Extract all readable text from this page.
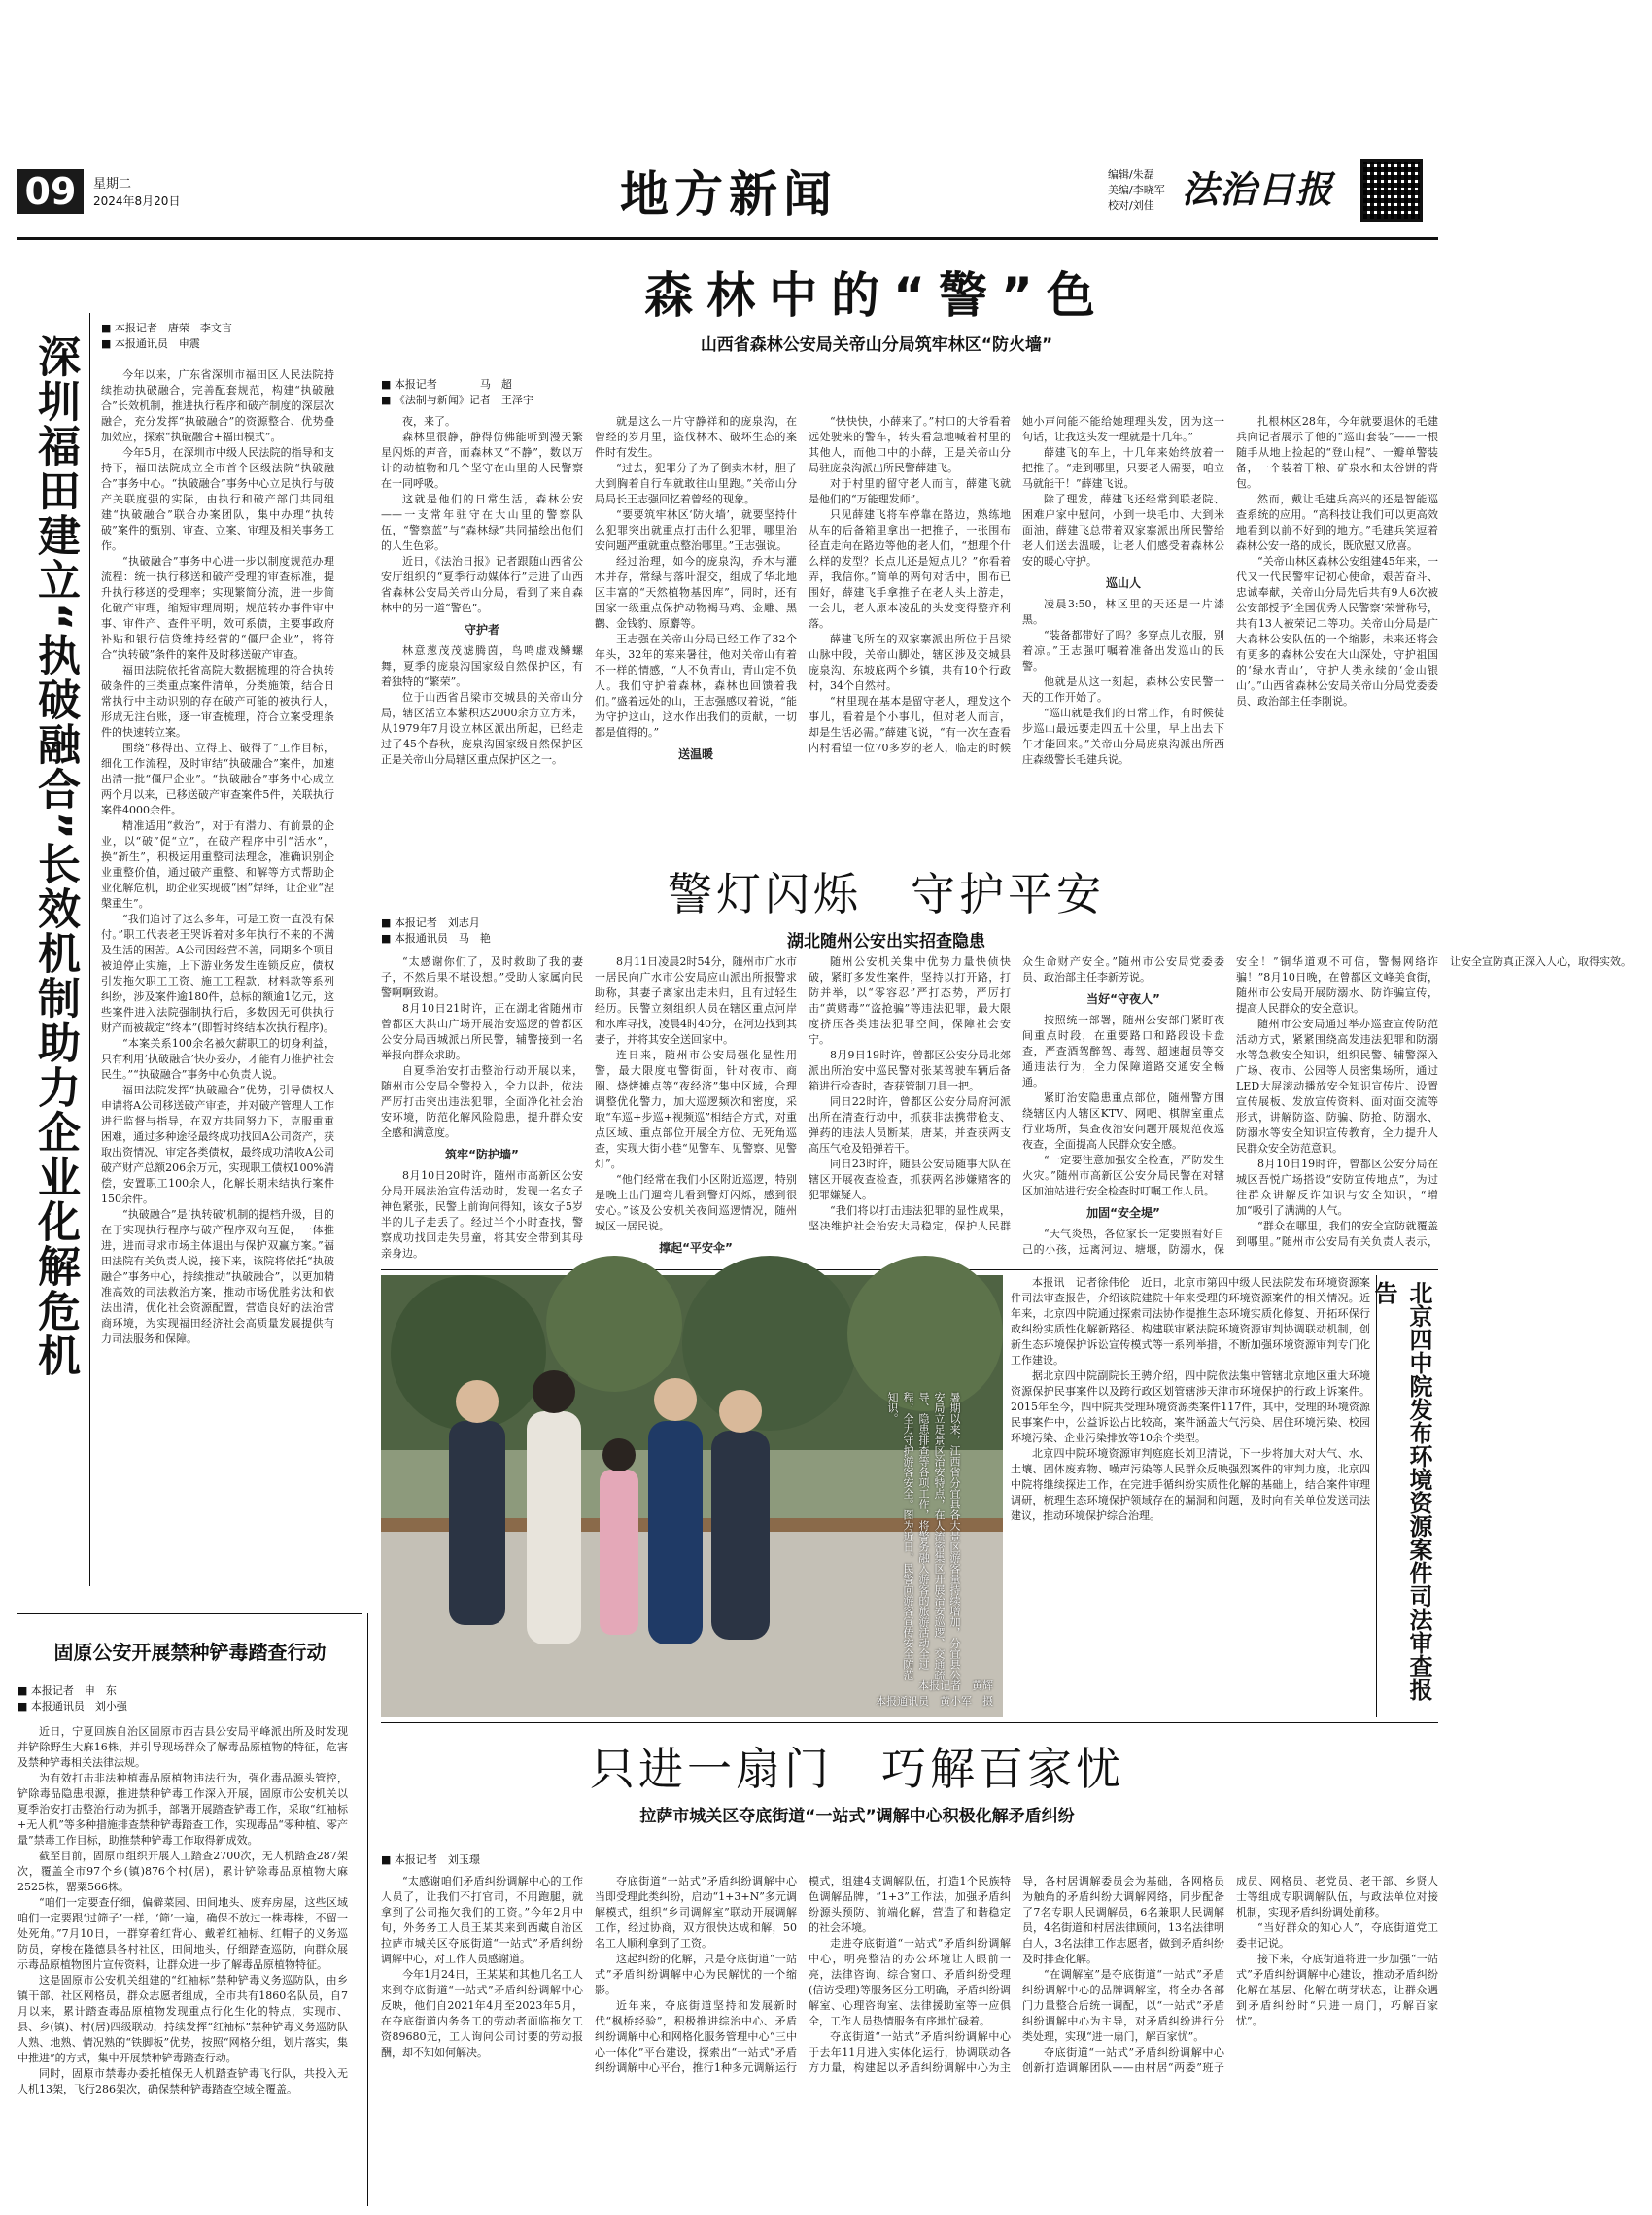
09	星期二
2024年8月20日	地方新闻	编辑/朱磊
美编/李晓军
校对/刘佳 法治日报
深圳福田建立“执破融合”长效机制助力企业化解危机
■ 本报记者　唐荣　李文言
■ 本报通讯员　申震

今年以来，广东省深圳市福田区人民法院持续推动执破融合，完善配套规范，构建“执破融合”长效机制，推进执行程序和破产制度的深层次融合，充分发挥“执破融合”的资源整合、优势叠加效应，探索“执破融合+福田模式”。

今年5月，在深圳市中级人民法院的指导和支持下，福田法院成立全市首个区级法院“执破融合”事务中心。“执破融合”事务中心立足执行与破产关联度强的实际，由执行和破产部门共同组建“执破融合”联合办案团队，集中办理“执转破”案件的甄别、审查、立案、审理及相关事务工作。

“执破融合”事务中心进一步以制度规范办理流程：统一执行移送和破产受理的审查标准，提升执行移送的受理率；实现繁简分流，进一步简化破产审理，缩短审理周期；规范转办事件审中事、审件产、查件平明，效可系债，主要事政府补贴和银行信贷维持经营的“僵尸企业”，将符合“执转破”条件的案件及时移送破产审查。

福田法院依托省高院大数据梳理的符合执转破条件的三类重点案件清单，分类施策，结合日常执行中主动识别的存在破产可能的被执行人，形成无注台账，逐一审查梳理，符合立案受理条件的快速转立案。

围绕“移得出、立得上、破得了”工作目标，细化工作流程，及时审结“执破融合”案件，加速出清一批“僵尸企业”。“执破融合”事务中心成立两个月以来，已移送破产审查案件5件，关联执行案件4000余件。

精准适用“救治”，对于有潜力、有前景的企业，以“破”促“立”，在破产程序中引“活水”，换“新生”，积极运用重整司法理念，准确识别企业重整价值，通过破产重整、和解等方式帮助企业化解危机，助企业实现破“困”焊绎，让企业“涅槃重生”。

“我们追讨了这么多年，可是工资一直没有保付。”职工代表老王哭诉着对多年执行不来的不满及生活的困苦。A公司因经营不善，同期多个项目被迫停止实施，上下游业务发生连锁反应，债权引发拖欠职工工资、施工工程款，材料款等系列纠纷，涉及案件逾180件，总标的额逾1亿元，这些案件进入法院强制执行后，多数因无可供执行财产而被裁定“终本”(即暂时终结本次执行程序)。

“本案关系100余名被欠薪职工的切身利益，只有利用‘执破融合’快办妥办，才能有力推护社会民生。”“执破融合”事务中心负责人说。

福田法院发挥“执破融合”优势，引导债权人申请将A公司移送破产审查，并对破产管理人工作进行监督与指导，在双方共同努力下，克服重重困难，通过多种途径最终成功找回A公司资产，获取出资情况、审定各类债权，最终成功清收A公司破产财产总额206余万元，实现职工债权100%清偿，安置职工100余人，化解长期未结执行案件150余件。

“执破融合”是‘执转破’机制的提档升级，目的在于实现执行程序与破产程序双向互促，一体推进，进而寻求市场主体退出与保护双赢方案。”福田法院有关负责人说，接下来，该院将依托“执破融合”事务中心，持续推动“执破融合”，以更加精准高效的司法救治方案，推动市场优胜劣汰和依法出清，优化社会资源配置，营造良好的法治营商环境，为实现福田经济社会高质量发展提供有力司法服务和保障。

森林中的“警”色
山西省森林公安局关帝山分局筑牢林区“防火墙”
■ 本报记者　　　　马　超
■ 《法制与新闻》记者　王泽宇

夜，来了。

森林里很静，静得仿佛能听到漫天繁星闪烁的声音，而森林又“不静”，数以万计的动植物和几个坚守在山里的人民警察在一同呼吸。

这就是他们的日常生活，森林公安——一支常年驻守在大山里的警察队伍，“警察蓝”与“森林绿”共同描绘出他们的人生色彩。

近日，《法治日报》记者跟随山西省公安厅组织的“夏季行动媒体行”走进了山西省森林公安局关帝山分局，看到了来自森林中的另一道“警色”。

守护者

林意葱茂茂滤腾茵，鸟鸣虚戏鳞螺舞，夏季的庞泉沟国家级自然保护区，有着独特的“繁荣”。

位于山西省吕梁市交城县的关帝山分局，辖区活立本紫积达2000余方立方米，从1979年7月设立林区派出所起，已经走过了45个春秋，庞泉沟国家级自然保护区正是关帝山分局辖区重点保护区之一。

就是这么一片守静祥和的庞泉沟，在曾经的岁月里，盗伐林木、破坏生态的案件时有发生。

“过去，犯罪分子为了倒卖木材，胆子大到胸着自行车就敢往山里跑。”关帝山分局局长王志强回忆着曾经的现象。

“要要筑牢林区‘防火墙’，就要坚持什么犯罪突出就重点打击什么犯罪，哪里治安问题严重就重点整治哪里。”王志强说。

经过治理，如今的庞泉沟，乔木与灌木并存，常绿与落叶混交，组成了华北地区丰富的“天然植物基因库”，同时，还有国家一级重点保护动物褐马鸡、金雕、黑鹳、金钱豹、原麝等。

王志强在关帝山分局已经工作了32个年头，32年的寒来暑往，他对关帝山有着不一样的情感，“人不负青山，青山定不负人。我们守护着森林，森林也回馈着我们。”盛着远处的山，王志强感叹着说，“能为守护这山，这水作出我们的贡献，一切都是值得的。”

送温暖

“快快快，小薛来了。”村口的大爷看着远处驶来的警车，转头看急地喊着村里的其他人，而他口中的小薛，正是关帝山分局驻庞泉沟派出所民警薛建飞。

对于村里的留守老人而言，薛建飞就是他们的“万能理发师”。

只见薛建飞将车停靠在路边，熟练地从车的后备箱里拿出一把推子，一张围布径直走向在路边等他的老人们，“想理个什么样的发型？长点儿还是短点儿？”你看着弄，我信你。”简单的两句对话中，围布已围好，薛建飞手拿推子在老人头上游走，一会儿，老人原本凌乱的头发变得整齐利落。

薛建飞所在的双家寨派出所位于吕梁山脉中段，关帝山脚处，辖区涉及交城县庞泉沟、东坡底两个乡镇，共有10个行政村，34个自然村。

“村里现在基本是留守老人，理发这个事儿，看着是个小事儿，但对老人而言，却是生活必需。”薛建飞说，“有一次在查看内村看望一位70多岁的老人，临走的时候她小声问能不能给她理理头发，因为这一句话，让我这头发一理就是十几年。”

薛建飞的车上，十几年来始终放着一把推子。“走到哪里，只要老人需要，咱立马就能干！”薛建飞说。

除了理发，薛建飞还经常到联老院、困难户家中慰问，小到一块毛巾、大到米面油，薛建飞总带着双家寨派出所民警给老人们送去温暖，让老人们感受着森林公安的暖心守护。

巡山人

凌晨3:50，林区里的天还是一片漆黑。

“装备都带好了吗？多穿点儿衣服，别着凉。”王志强叮嘱着准备出发巡山的民警。

他就是从这一刻起，森林公安民警一天的工作开始了。

“巡山就是我们的日常工作，有时候徒步巡山最远要走四五十公里，早上出去下午才能回来。”关帝山分局庞泉沟派出所西庄森级警长毛建兵说。

扎根林区28年，今年就要退休的毛建兵向记者展示了他的“巡山套装”——一根随手从地上捡起的“登山棍”、一瓣单警装备，一个装着干粮、矿泉水和太谷饼的背包。

然而，戴让毛建兵高兴的还是智能巡查系统的应用。“高科技让我们可以更高效地看到以前不好到的地方。”毛建兵笑逗着森林公安一路的成长，既欣慰又欣喜。

“关帝山林区森林公安组建45年来，一代又一代民警牢记初心使命，艰苦奋斗、忠诚奉献，关帝山分局先后共有9人6次被公安部授予‘全国优秀人民警察’荣誉称号，共有13人被荣记二等功。关帝山分局是广大森林公安队伍的一个缩影，未来还将会有更多的森林公安在大山深处，守护祖国的‘绿水青山’，守护人类永续的‘金山银山’。”山西省森林公安局关帝山分局党委委员、政治部主任李刚说。

警灯闪烁　守护平安
湖北随州公安出实招查隐患
■ 本报记者　刘志月
■ 本报通讯员　马　艳

“太感谢你们了，及时救助了我的妻子，不然后果不堪设想。”受助人家属向民警啊啊致谢。

8月10日21时许，正在湖北省随州市曾都区大洪山广场开展治安巡逻的曾都区公安分局西城派出所民警，辅警接到一名举报向群众求助。

自夏季治安打击整治行动开展以来，随州市公安局全警投入，全力以赴，依法严厉打击突出违法犯罪，全面净化社会治安环境，防范化解风险隐患，提升群众安全感和满意度。

筑牢“防护墙”

8月10日20时许，随州市高新区公安分局开展法治宣传活动时，发现一名女子神色紧张，民警上前询问得知，该女子5岁半的儿子走丢了。经过半个小时查找，警察成功找回走失男童，将其安全带到其母亲身边。

8月11日凌晨2时54分，随州市广水市一居民向广水市公安局应山派出所报警求助称，其妻子离家出走未归，且有过轻生经历。民警立刻组织人员在辖区重点河岸和水库寻找，凌晨4时40分，在河边找到其妻子，并将其安全送回家中。

连日来，随州市公安局强化显性用警，最大限度屯警街面，针对夜市、商圈、烧烤摊点等“夜经济”集中区域，合理调整优化警力，加大巡逻频次和密度，采取“车巡+步巡+视频巡”相结合方式，对重点区域、重点部位开展全方位、无死角巡查，实现大街小巷“见警车、见警察、见警灯”。

“他们经常在我们小区附近巡逻，特别是晚上出门遛弯儿看到警灯闪烁，感到很安心。”该及公安机关夜间巡逻情况，随州城区一居民说。

撑起“平安伞”

随州公安机关集中优势力量快侦快破，紧盯多发性案件，坚持以打开路，打防并举，以“零容忍”严打态势，严厉打击“黄赌毒”“盗抢骗”等违法犯罪，最大限度挤压各类违法犯罪空间，保障社会安宁。

8月9日19时许，曾都区公安分局北郊派出所治安中巡民警对张某驾驶车辆后备箱进行检查时，查获管制刀具一把。

同日22时许，曾都区公安分局府河派出所在清查行动中，抓获非法携带枪支、弹药的违法人员断某，唐某，并查获两支高压气枪及铅弹若干。

同日23时许，随县公安局随事大队在辖区开展夜查检查，抓获两名涉嫌赌客的犯罪嫌疑人。

“我们将以打击违法犯罪的显性成果，坚决维护社会治安大局稳定，保护人民群众生命财产安全。”随州市公安局党委委员、政治部主任李新芳说。

当好“守夜人”

按照统一部署，随州公安部门紧盯夜间重点时段，在重要路口和路段设卡盘查，严查酒驾醉驾、毒驾、超速超员等交通违法行为，全力保障道路交通安全畅通。

紧盯治安隐患重点部位，随州警方围绕辖区内人辖区KTV、网吧、棋牌室重点行业场所，集查夜治安问题开展规范夜巡夜查，全面提高人民群众安全感。

“一定要注意加强安全检查，严防发生火灾。”随州市高新区公安分局民警在对辖区加油站进行安全检查时叮嘱工作人员。

加固“安全堤”

“天气炎热，各位家长一定要照看好自己的小孩，远离河边、塘堰，防溺水，保安全！”铜华道观不可信，警惕网络诈骗！”8月10日晚，在曾都区文峰美食街，随州市公安局开展防溺水、防诈骗宣传，提高人民群众的安全意识。

随州市公安局通过举办巡查宣传防范活动方式，紧紧围绕高发违法犯罪和防溺水等急救安全知识，组织民警、辅警深入广场、夜市、公园等人员密集场所，通过LED大屏滚动播放安全知识宣传片、设置宣传展板、发放宣传资料、面对面交流等形式，讲解防盗、防骗、防抢、防溺水、防溺水等安全知识宣传教育，全力提升人民群众安全防范意识。

8月10日19时许，曾都区公安分局在城区吾悦广场搭设“安防宣传地点”，为过往群众讲解反诈知识与安全知识，“增加“吸引了满满的人气。

“群众在哪里，我们的安全宣防就覆盖到哪里。”随州市公安局有关负责人表示，让安全宣防真正深入人心，取得实效。

暑期以来，江西省分宜县各大景区游客量持续增加，分宜县公安局立足景区治安特点，在人流密集区开展治安巡逻、交通疏导、隐患排查等各项工作，将警务融入游客的旅游活动全过程，全力守护游客安全。图为近日，民警向游客宣传安全防范知识。
本报记者　黄辉
本报通讯员　黄小军　摄

本报讯　记者徐伟伦　近日，北京市第四中级人民法院发布环境资源案件司法审查报告，介绍该院建院十年来受理的环境资源案件的相关情况。近年来，北京四中院通过探索司法协作提推生态环境实质化修复、开拓环保行政纠纷实质性化解新路径、构建联审紧法院环境资源审判协调联动机制，创新生态环境保护诉讼宣传模式等一系列举措，不断加强环境资源审判专门化工作建设。

据北京四中院副院长王骋介绍，四中院依法集中管辖北京地区重大环境资源保护民事案件以及跨行政区划管辖涉天津市环境保护的行政上诉案件。2015年至今，四中院共受理环境资源类案件117件，其中，受理的环境资源民事案件中，公益诉讼占比较高，案件涵盖大气污染、居住环境污染、校园环境污染、企业污染排放等10余个类型。

北京四中院环境资源审判庭庭长刘卫清说，下一步将加大对大气、水、土壤、固体废弃物、噪声污染等人民群众反映强烈案件的审判力度，北京四中院将继续探进工作，在完进手循纠纷实质性化解的基础上，结合案件审理调研，梳理生态环境保护领域存在的漏洞和问题，及时向有关单位发送司法建议，推动环境保护综合治理。	北京四中院发布环境资源案件司法审查报告
固原公安开展禁种铲毒踏查行动
■ 本报记者　申　东
■ 本报通讯员　刘小强

近日，宁夏回族自治区固原市西吉县公安局平峰派出所及时发现并铲除野生大麻16株，并引导现场群众了解毒品原植物的特征，危害及禁种铲毒相关法律法规。

为有效打击非法种植毒品原植物违法行为，强化毒品源头管控，铲除毒品隐患根源，推进禁种铲毒工作深入开展，固原市公安机关以夏季治安打击整治行动为抓手，部署开展踏查铲毒工作，采取“红袖标+无人机”等多种措施排查禁种铲毒踏查工作，实现毒品“零种植、零产量”禁毒工作目标，助推禁种铲毒工作取得新成效。

截至目前，固原市组织开展人工踏查2700次，无人机踏查287架次，覆盖全市97个乡(镇)876个村(居)，累计铲除毒品原植物大麻2525株，罂粟566株。

“咱们一定要查仔细，偏僻菜园、田间地头、废弃房屋，这些区域咱们一定要跟‘过筛子’一样，‘筛’一遍，确保不放过一株毒株，不留一处死角。”7月10日，一群穿着红背心、戴着红袖标、红帽子的义务巡防员，穿梭在隆德县各村社区，田间地头，仔细踏查巡防，向群众展示毒品原植物图片宣传资料，让群众进一步了解毒品原植物特征。

这是固原市公安机关组建的“红袖标”禁种铲毒义务巡防队，由乡镇干部、社区网格员，群众志愿者组成，全市共有1860名队员，自7月以来，累计踏查毒品原植物发现重点行化生化的特点，实现市、县、乡(镇)、村(居)四级联动，持续发挥“红袖标”禁种铲毒义务巡防队人熟、地熟、情况熟的“铁脚板”优势，按照“网格分组，划片落实，集中推进”的方式，集中开展禁种铲毒踏查行动。

同时，固原市禁毒办委托植保无人机踏查铲毒飞行队，共投入无人机13架，飞行286架次，确保禁种铲毒踏查空域全覆盖。

只进一扇门　巧解百家忧
拉萨市城关区夺底街道“一站式”调解中心积极化解矛盾纠纷
■ 本报记者　刘玉璟

“太感谢咱们矛盾纠纷调解中心的工作人员了，让我们不打官司，不用跑腿，就拿到了公司拖欠我们的工资。”今年2月中旬，外务务工人员王某某来到西藏自治区拉萨市城关区夺底街道“一站式”矛盾纠纷调解中心，对工作人员感谢道。

今年1月24日，王某某和其他几名工人来到夺底街道“一站式”矛盾纠纷调解中心反映，他们自2021年4月至2023年5月，在夺底街道内务务工的劳动者面临拖欠工资89680元，工人询问公司讨要的劳动报酬，却不知如何解决。

夺底街道“一站式”矛盾纠纷调解中心当即受理此类纠纷，启动“1+3+N”多元调解模式，组织“乡司调解室”联动开展调解工作，经过协商，双方很快达成和解，50名工人顺利拿到了工资。

这起纠纷的化解，只是夺底街道“一站式”矛盾纠纷调解中心为民解忧的一个缩影。

近年来，夺底街道坚持和发展新时代“枫桥经验”，积极推进综治中心、矛盾纠纷调解中心和网格化服务管理中心“三中心一体化”平台建设，探索出“一站式”矛盾纠纷调解中心平台，推行1种多元调解运行模式，组建4支调解队伍，打造1个民族特色调解品牌，“1+3”工作法，加强矛盾纠纷源头预防、前端化解，营造了和谐稳定的社会环境。

走进夺底街道“一站式”矛盾纠纷调解中心，明亮整洁的办公环境让人眼前一亮，法律咨询、综合窗口、矛盾纠纷受理(信访受理)等服务区分工明确，矛盾纠纷调解室、心理咨询室、法律援助室等一应俱全，工作人员热情服务有序地忙碌着。

夺底街道“一站式”矛盾纠纷调解中心于去年11月进入实体化运行，协调联动各方力量，构建起以矛盾纠纷调解中心为主导，各村居调解委员会为基础，各网格员为触角的矛盾纠纷大调解网络，同步配备了7名专职人民调解员，6名兼职人民调解员，4名街道和村居法律顾问，13名法律明白人，3名法律工作志愿者，做到矛盾纠纷及时排查化解。

“在调解室”是夺底街道“一站式”矛盾纠纷调解中心的品牌调解室，将全办各部门力量整合后统一调配，以“一站式”矛盾纠纷调解中心为主导，对矛盾纠纷进行分类处理，实现“进一扇门，解百家忧”。

夺底街道“一站式”矛盾纠纷调解中心创新打造调解团队——由村居“两委”班子成员、网格员、老党员、老干部、乡贤人士等组成专职调解队伍，与政法单位对接机制，实现矛盾纠纷调处前移。

“当好群众的知心人”，夺底街道党工委书记说。

接下来，夺底街道将进一步加强“一站式”矛盾纠纷调解中心建设，推动矛盾纠纷化解在基层、化解在萌芽状态，让群众遇到矛盾纠纷时“只进一扇门，巧解百家忧”。
